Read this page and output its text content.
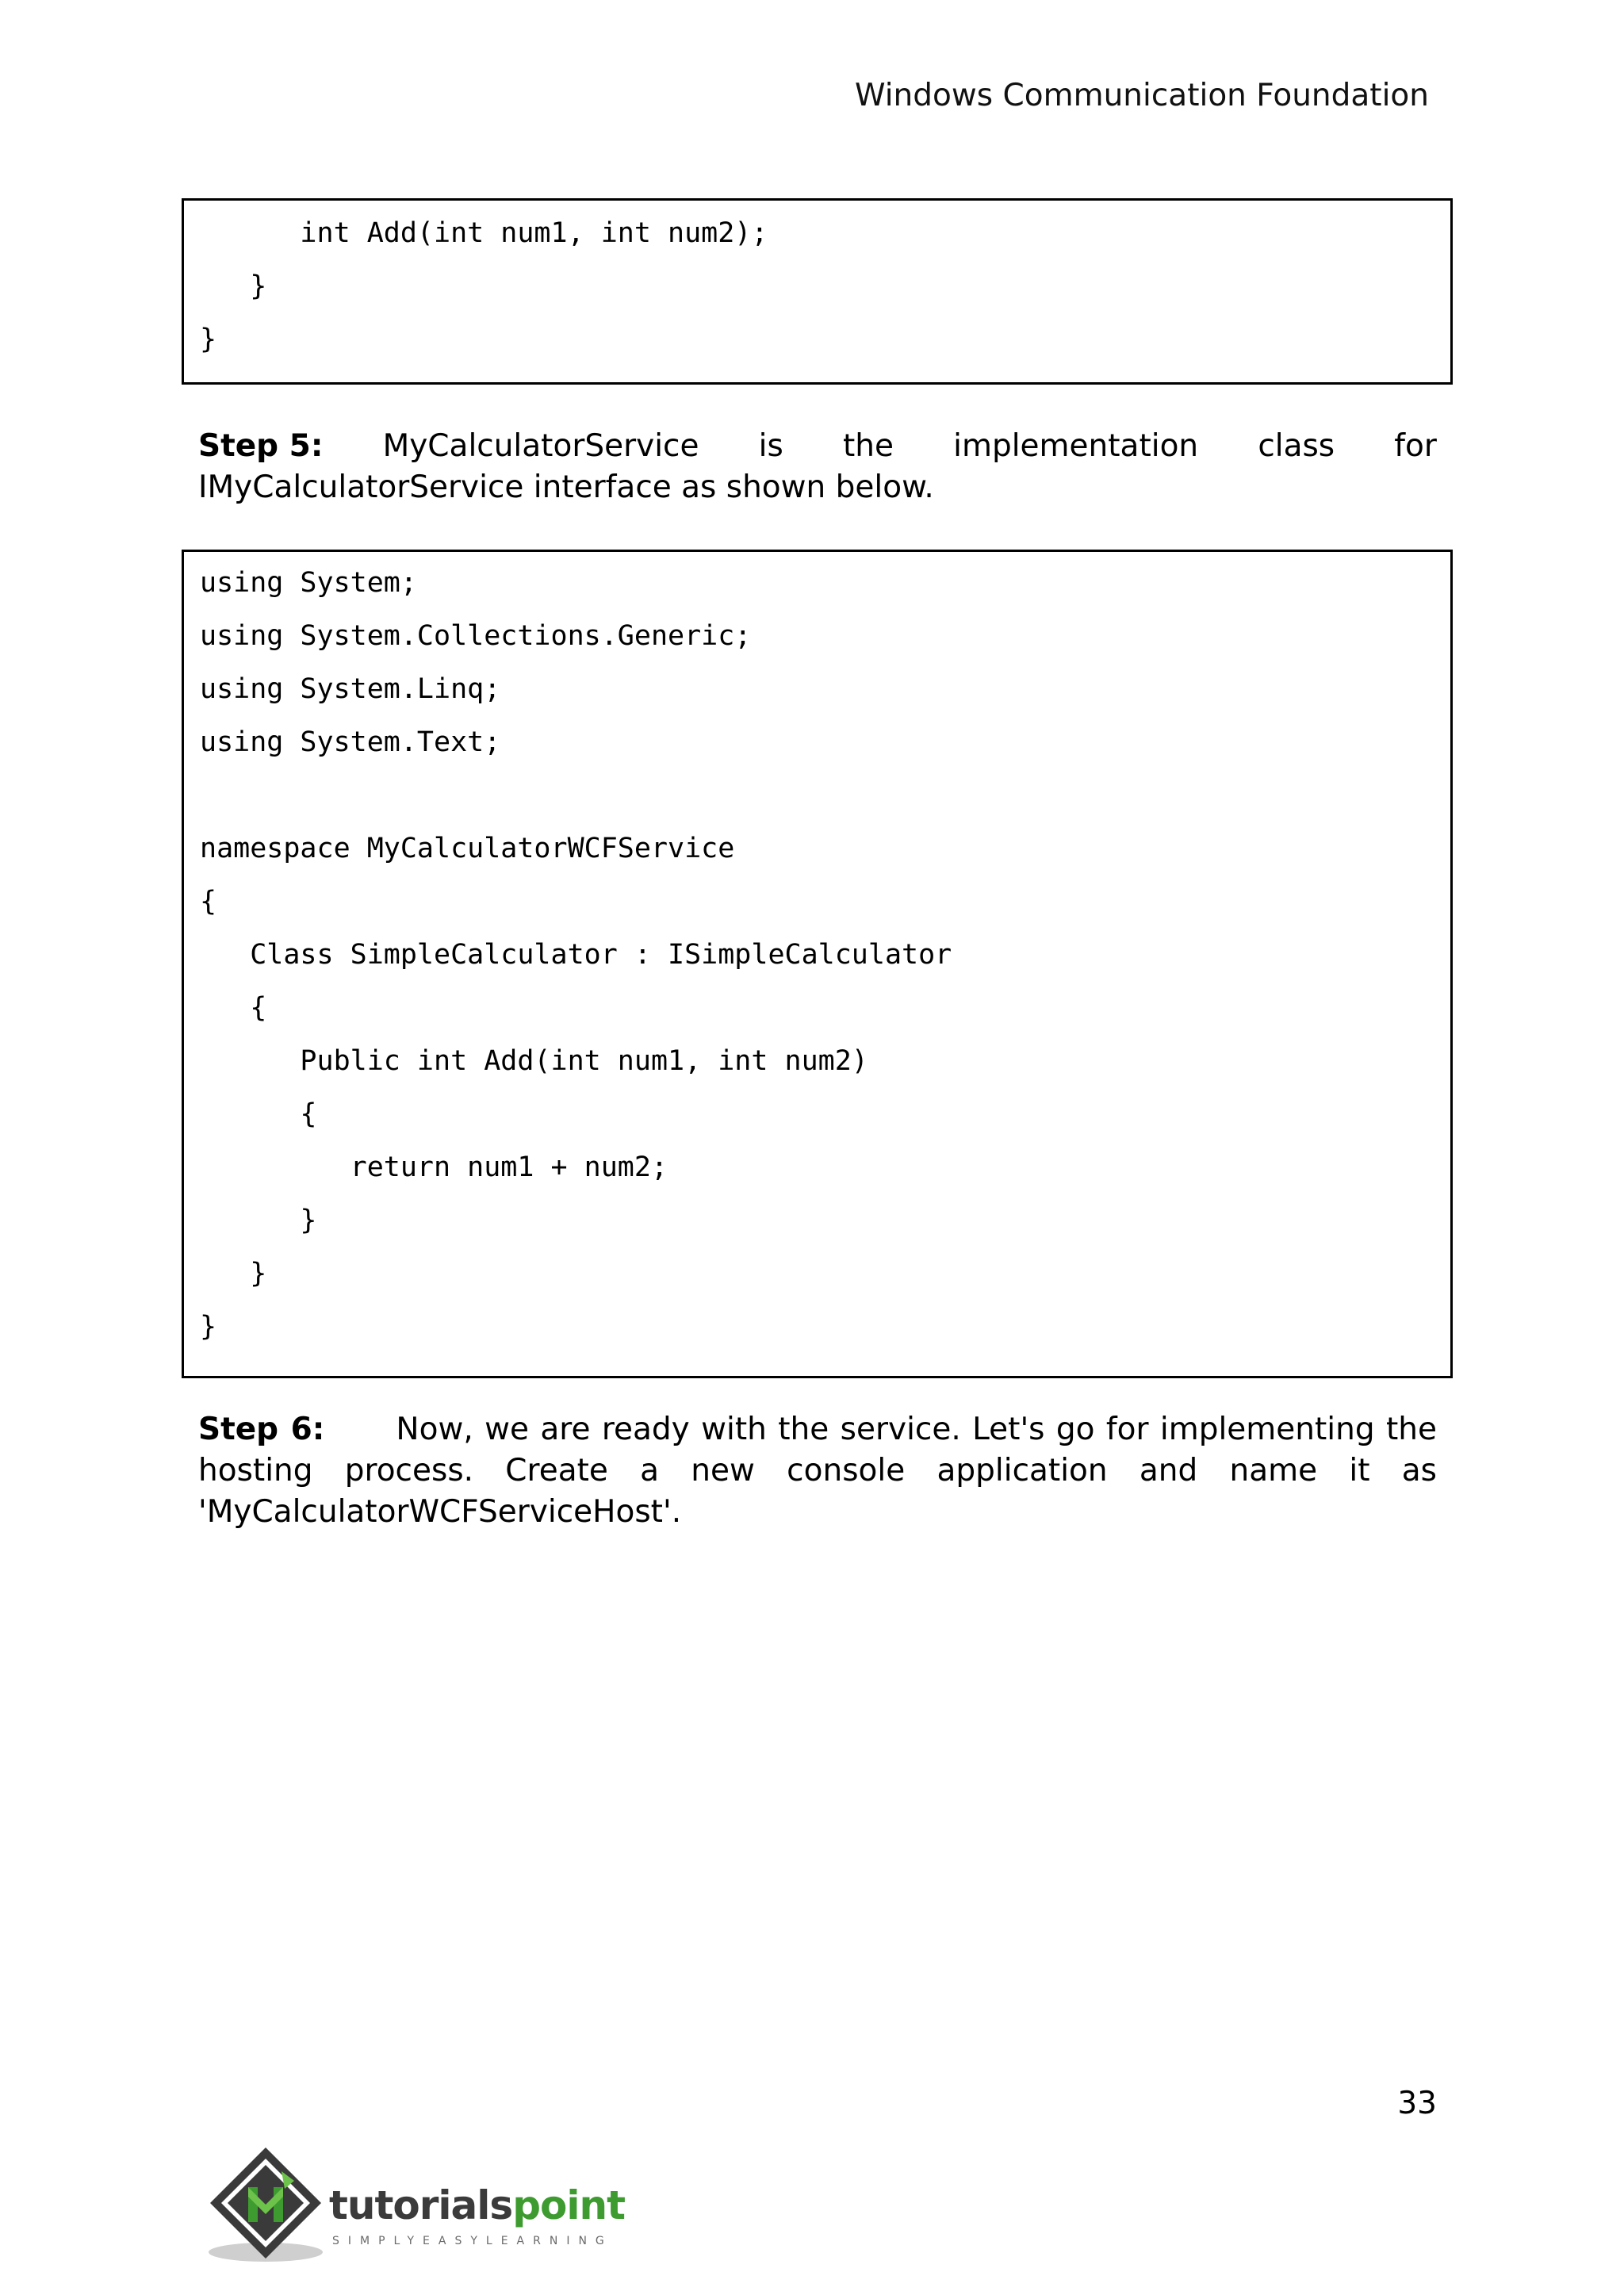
Windows Communication Foundation
int Add(int num1, int num2);
}
}
Step 5: MyCalculatorService is the implementation class for
IMyCalculatorService interface as shown below.
using System;
using System.Collections.Generic;
using System.Linq;
using System.Text;
namespace MyCalculatorWCFService
{
Class SimpleCalculator : ISimpleCalculator
{
Public int Add(int num1, int num2)
{
return num1 + num2;
}
}
}
Step 6: Now, we are ready with the service. Let's go for implementing the hosting process. Create a new console application and name it as 'MyCalculatorWCFServiceHost'.
33
tutorialspoint
SIMPLYEASYLEARNING
